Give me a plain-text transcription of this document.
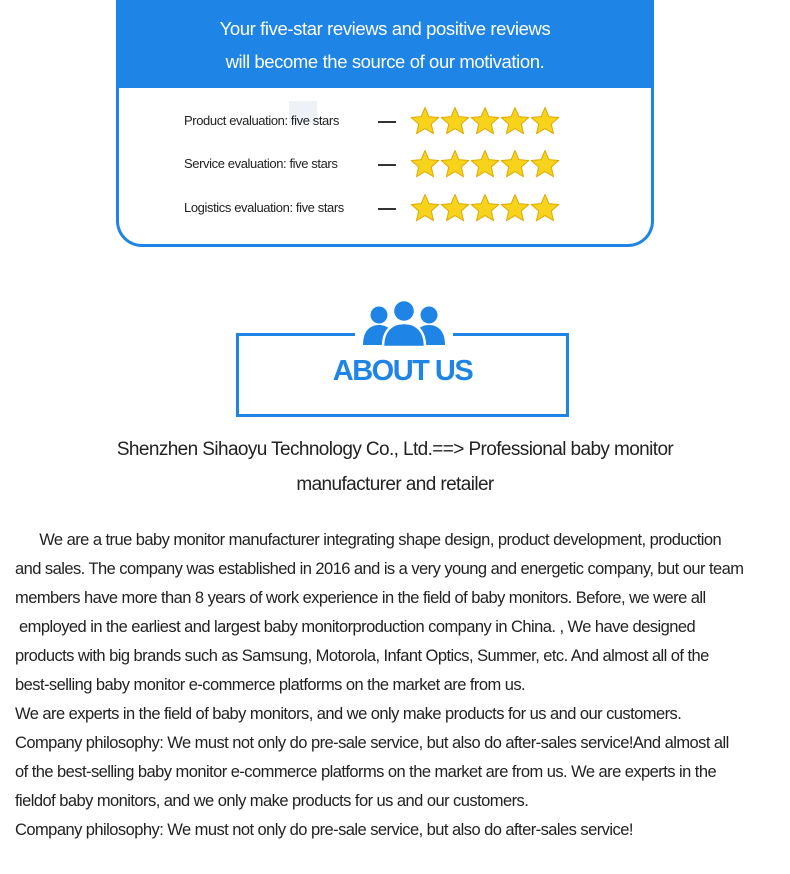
Your five-star reviews and positive reviews
will become the source of our motivation.
Product evaluation: five stars
Service evaluation: five stars
Logistics evaluation: five stars
ABOUT US
Shenzhen Sihaoyu Technology Co., Ltd.==> Professional baby monitor
manufacturer and retailer

We are a true baby monitor manufacturer integrating shape design, product development, production

and sales. The company was established in 2016 and is a very young and energetic company, but our team

members have more than 8 years of work experience in the field of baby monitors. Before, we were all

employed in the earliest and largest baby monitorproduction company in China. , We have designed

products with big brands such as Samsung, Motorola, Infant Optics, Summer, etc. And almost all of the

best-selling baby monitor e-commerce platforms on the market are from us.

We are experts in the field of baby monitors, and we only make products for us and our customers.

Company philosophy: We must not only do pre-sale service, but also do after-sales service!And almost all

of the best-selling baby monitor e-commerce platforms on the market are from us. We are experts in the

fieldof baby monitors, and we only make products for us and our customers.

Company philosophy: We must not only do pre-sale service, but also do after-sales service!
